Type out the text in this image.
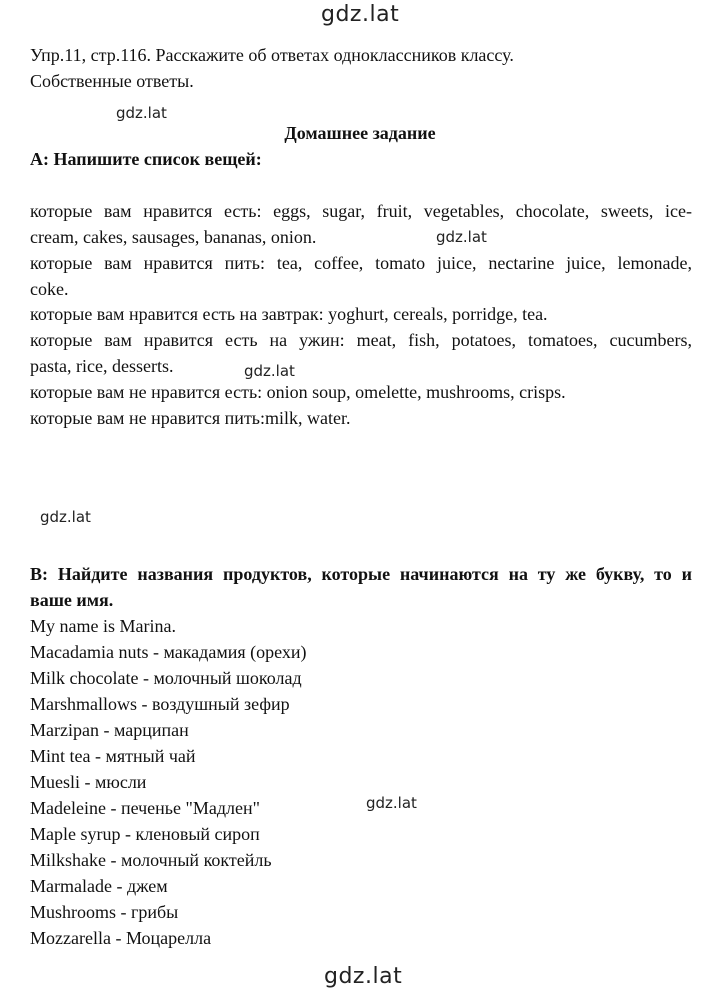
gdz.lat
gdz.lat
gdz.lat
gdz.lat
gdz.lat
gdz.lat
gdz.lat
Упр.11, стр.116. Расскажите об ответах одноклассников классу.
Собственные ответы.
Домашнее задание
A: Напишите список вещей:
которые вам нравится есть: eggs, sugar, fruit, vegetables, chocolate, sweets, ice-
cream, cakes, sausages, bananas, onion.
которые вам нравится пить: tea, coffee, tomato juice, nectarine juice, lemonade,
coke.
которые вам нравится есть на завтрак: yoghurt, cereals, porridge, tea.
которые вам нравится есть на ужин: meat, fish, potatoes, tomatoes, cucumbers,
pasta, rice, desserts.
которые вам не нравится есть: onion soup, omelette, mushrooms, crisps.
которые вам не нравится пить:milk, water.
B: Найдите названия продуктов, которые начинаются на ту же букву, то и
ваше имя.
My name is Marina.
Macadamia nuts - макадамия (орехи)
Milk chocolate - молочный шоколад
Marshmallows - воздушный зефир
Marzipan - марципан
Mint tea - мятный чай
Muesli - мюсли
Madeleine - печенье "Мадлен"
Maple syrup - кленовый сироп
Milkshake - молочный коктейль
Marmalade - джем
Mushrooms - грибы
Mozzarella - Моцарелла
